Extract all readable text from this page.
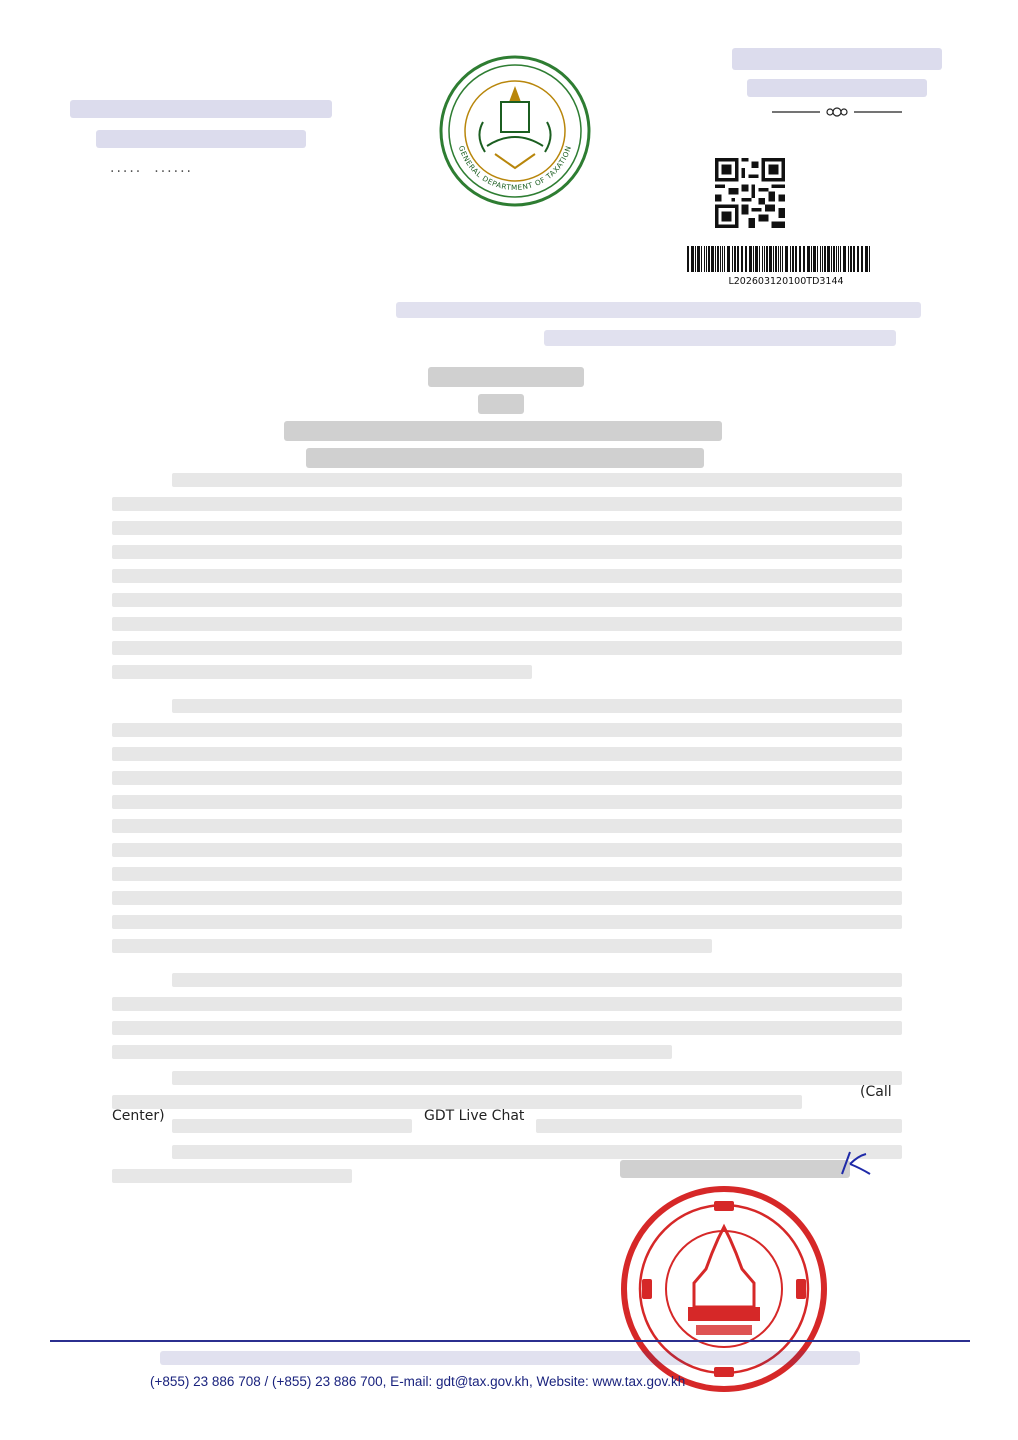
..... ......
GENERAL DEPARTMENT OF TAXATION
L202603120100TD3144
(Call
Center)	GDT Live Chat
(+855) 23 886 708 / (+855) 23 886 700, E-mail: gdt@tax.gov.kh, Website: www.tax.gov.kh
